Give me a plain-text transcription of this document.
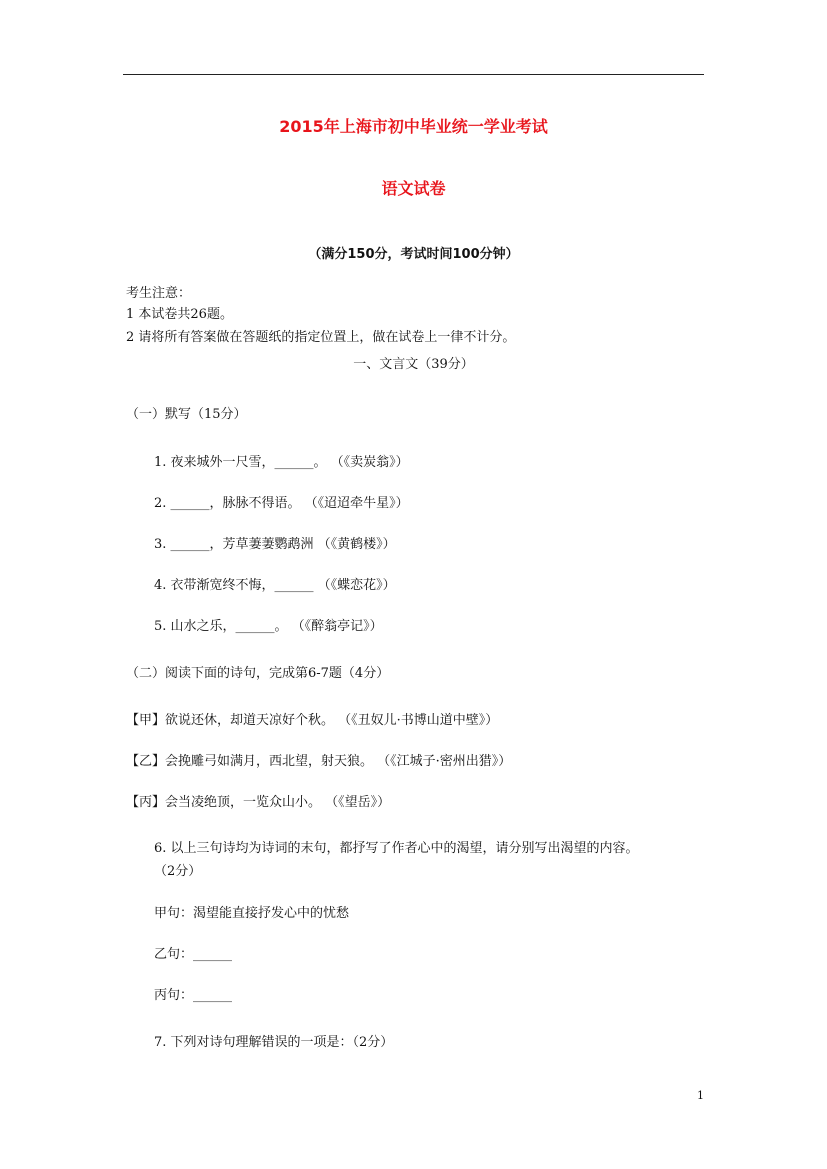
2015年上海市初中毕业统一学业考试
语文试卷
（满分150分，考试时间100分钟）
考生注意：
1 本试卷共26题。
2 请将所有答案做在答题纸的指定位置上，做在试卷上一律不计分。
一、文言文（39分）
（一）默写（15分）
1. 夜来城外一尺雪，______。 （《卖炭翁》）
2. ______，脉脉不得语。 （《迢迢牵牛星》）
3. ______，芳草萋萋鹦鹉洲 （《黄鹤楼》）
4. 衣带渐宽终不悔，______ （《蝶恋花》）
5. 山水之乐，______。 （《醉翁亭记》）
（二）阅读下面的诗句，完成第6-7题（4分）
【甲】欲说还休，却道天凉好个秋。 （《丑奴儿·书博山道中壁》）
【乙】会挽雕弓如满月，西北望，射天狼。 （《江城子·密州出猎》）
【丙】会当凌绝顶，一览众山小。 （《望岳》）
6. 以上三句诗均为诗词的末句，都抒写了作者心中的渴望，请分别写出渴望的内容。
（2分）
甲句：渴望能直接抒发心中的忧愁
乙句：______
丙句：______
7. 下列对诗句理解错误的一项是：（2分）
1
